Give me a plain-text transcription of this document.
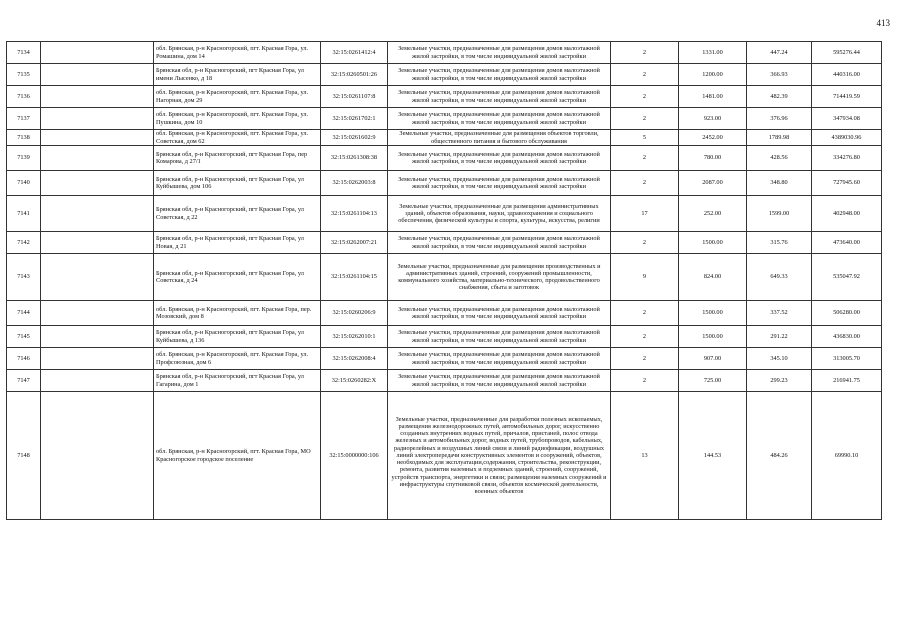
413
7134		обл. Брянская, р-н Красногорский, пгт. Красная Гора, ул. Ромашина, дом 14	32:15:0261412:4	Земельные участки, предназначенные для размещения домов малоэтажной жилой застройки, в том числе индивидуальной жилой застройки	2	1331.00	447.24	595276.44
7135		Брянская обл, р-н Красногорский, пгт Красная Гора, ул имени Лысенко, д 18	32:15:0260501:26	Земельные участки, предназначенные для размещения домов малоэтажной жилой застройки, в том числе индивидуальной жилой застройки	2	1200.00	366.93	440316.00
7136		обл. Брянская, р-н Красногорский, пгт. Красная Гора, ул. Нагорная, дом 29	32:15:0261107:8	Земельные участки, предназначенные для размещения домов малоэтажной жилой застройки, в том числе индивидуальной жилой застройки	2	1481.00	482.39	714419.59
7137		обл. Брянская, р-н Красногорский, пгт. Красная Гора, ул. Пушкина, дом 10	32:15:0261702:1	Земельные участки, предназначенные для размещения домов малоэтажной жилой застройки, в том числе индивидуальной жилой застройки	2	923.00	376.96	347934.08
7138		обл. Брянская, р-н Красногорский, пгт. Красная Гора, ул. Советская, дом 62	32:15:0261602:9	Земельные участки, предназначенные для размещения объектов торговли, общественного питания и бытового обслуживания	5	2452.00	1789.98	4389030.96
7139		Брянская обл, р-н Красногорский, пгт Красная Гора, пер Комарова, д 27/1	32:15:0261308:38	Земельные участки, предназначенные для размещения домов малоэтажной жилой застройки, в том числе индивидуальной жилой застройки	2	780.00	428.56	334276.80
7140		Брянская обл, р-н Красногорский, пгт Красная Гора, ул Куйбышева, дом 106	32:15:0262003:8	Земельные участки, предназначенные для размещения домов малоэтажной жилой застройки, в том числе индивидуальной жилой застройки	2	2087.00	348.80	727945.60
7141		Брянская обл, р-н Красногорский, пгт Красная Гора, ул Советская, д 22	32:15:0261104:13	Земельные участки, предназначенные для размещения административных зданий, объектов образования, науки, здравоохранения и социального обеспечения, физической культуры и спорта, культуры, искусства, религии	17	252.00	1599.00	402948.00
7142		Брянская обл, р-н Красногорский, пгт Красная Гора, ул Новая, д 21	32:15:0262007:21	Земельные участки, предназначенные для размещения домов малоэтажной жилой застройки, в том числе индивидуальной жилой застройки	2	1500.00	315.76	473640.00
7143		Брянская обл, р-н Красногорский, пгт Красная Гора, ул Советская, д 24	32:15:0261104:15	Земельные участки, предназначенные для размещения производственных и административных зданий, строений, сооружений промышленности, коммунального хозяйства, материально-технического, продовольственного снабжения, сбыта и заготовок	9	824.00	649.33	535047.92
7144		обл. Брянская, р-н Красногорский, пгт. Красная Гора, пер. Мозовский, дом 8	32:15:0260206:9	Земельные участки, предназначенные для размещения домов малоэтажной жилой застройки, в том числе индивидуальной жилой застройки	2	1500.00	337.52	506280.00
7145		Брянская обл, р-н Красногорский, пгт Красная Гора, ул Куйбышева, д 136	32:15:0262010:1	Земельные участки, предназначенные для размещения домов малоэтажной жилой застройки, в том числе индивидуальной жилой застройки	2	1500.00	291.22	436830.00
7146		обл. Брянская, р-н Красногорский, пгт. Красная Гора, ул. Профсоюзная, дом 6	32:15:0262008:4	Земельные участки, предназначенные для размещения домов малоэтажной жилой застройки, в том числе индивидуальной жилой застройки	2	907.00	345.10	313005.70
7147		Брянская обл, р-н Красногорский, пгт Красная Гора, ул Гагарина, дом 1	32:15:0260282:Х	Земельные участки, предназначенные для размещения домов малоэтажной жилой застройки, в том числе индивидуальной жилой застройки	2	725.00	299.23	216941.75
7148		обл. Брянская, р-н Красногорский, пгт. Красная Гора, МО Красногорское городское поселение	32:15:0000000:106	Земельные участки, предназначенные для разработки полезных ископаемых, размещения железнодорожных путей, автомобильных дорог, искусственно созданных внутренних водных путей, причалов, пристаней, полос отвода железных и автомобильных дорог, водных путей, трубопроводов, кабельных, радиорелейных и воздушных линий связи и линий радиофикации, воздушных линий электропередачи конструктивных элементов и сооружений, объектов, необходимых для эксплуатации,содержания, строительства, реконструкции, ремонта, развития наземных и подземных зданий, строений, сооружений, устройств транспорта, энергетики и связи; размещения наземных сооружений и инфраструктуры спутниковой связи, объектов космической деятельности, военных объектов	13	144.53	484.26	69990.10
